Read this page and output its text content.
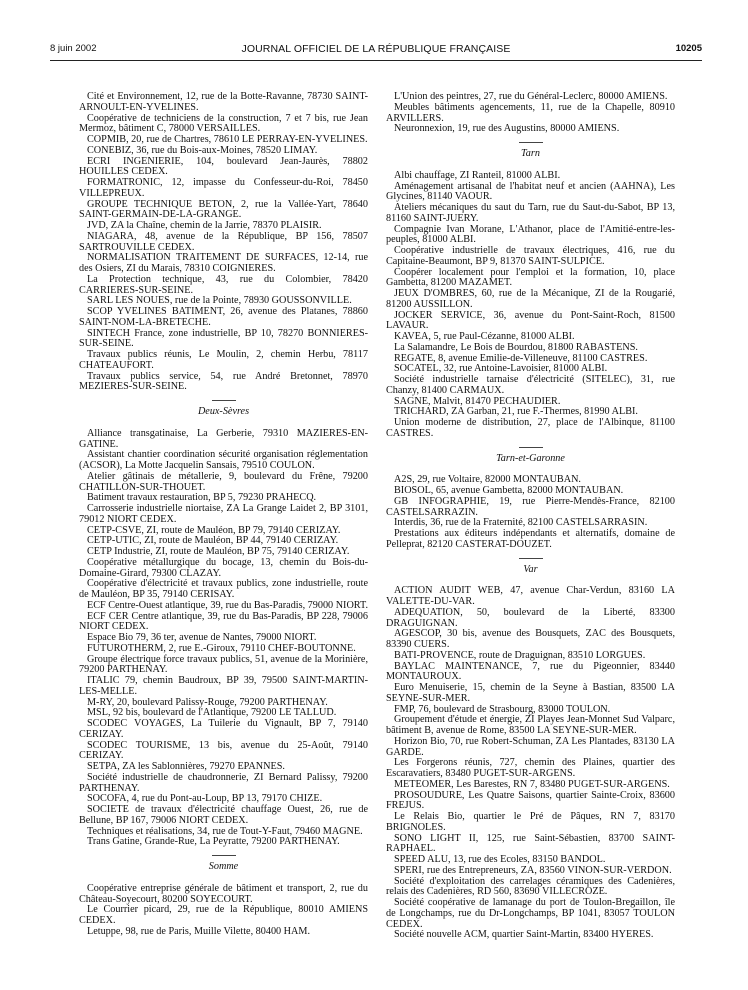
8 juin 2002	JOURNAL OFFICIEL DE LA RÉPUBLIQUE FRANÇAISE	10205

Cité et Environnement, 12, rue de la Botte-Ravanne, 78730 SAINT-ARNOULT-EN-YVELINES.

Coopérative de techniciens de la construction, 7 et 7 bis, rue Jean Mermoz, bâtiment C, 78000 VERSAILLES.

COPMIB, 20, rue de Chartres, 78610 LE PERRAY-EN-YVELINES.

CONEBIZ, 36, rue du Bois-aux-Moines, 78520 LIMAY.

ECRI INGENIERIE, 104, boulevard Jean-Jaurès, 78802 HOUILLES CEDEX.

FORMATRONIC, 12, impasse du Confesseur-du-Roi, 78450 VILLEPREUX.

GROUPE TECHNIQUE BETON, 2, rue la Vallée-Yart, 78640 SAINT-GERMAIN-DE-LA-GRANGE.

JVD, ZA la Chaîne, chemin de la Jarrie, 78370 PLAISIR.

NIAGARA, 48, avenue de la République, BP 156, 78507 SARTROUVILLE CEDEX.

NORMALISATION TRAITEMENT DE SURFACES, 12-14, rue des Osiers, ZI du Marais, 78310 COIGNIERES.

La Protection technique, 43, rue du Colombier, 78420 CARRIERES-SUR-SEINE.

SARL LES NOUES, rue de la Pointe, 78930 GOUSSONVILLE.

SCOP YVELINES BATIMENT, 26, avenue des Platanes, 78860 SAINT-NOM-LA-BRETECHE.

SINTECH France, zone industrielle, BP 10, 78270 BONNIERES-SUR-SEINE.

Travaux publics réunis, Le Moulin, 2, chemin Herbu, 78117 CHATEAUFORT.

Travaux publics service, 54, rue André Bretonnet, 78970 MEZIERES-SUR-SEINE.

Deux-Sèvres

Alliance transgatinaise, La Gerberie, 79310 MAZIERES-EN-GATINE.

Assistant chantier coordination sécurité organisation réglementation (ACSOR), La Motte Jacquelin Sansais, 79510 COULON.

Atelier gâtinais de métallerie, 9, boulevard du Frêne, 79200 CHATILLON-SUR-THOUET.

Batiment travaux restauration, BP 5, 79230 PRAHECQ.

Carrosserie industrielle niortaise, ZA La Grange Laidet 2, BP 3101, 79012 NIORT CEDEX.

CETP-CSVE, ZI, route de Mauléon, BP 79, 79140 CERIZAY.

CETP-UTIC, ZI, route de Mauléon, BP 44, 79140 CERIZAY.

CETP Industrie, ZI, route de Mauléon, BP 75, 79140 CERIZAY.

Coopérative métallurgique du bocage, 13, chemin du Bois-du-Domaine-Girard, 79300 CLAZAY.

Coopérative d'électricité et travaux publics, zone industrielle, route de Mauléon, BP 35, 79140 CERISAY.

ECF Centre-Ouest atlantique, 39, rue du Bas-Paradis, 79000 NIORT.

ECF CER Centre atlantique, 39, rue du Bas-Paradis, BP 228, 79006 NIORT CEDEX.

Espace Bio 79, 36 ter, avenue de Nantes, 79000 NIORT.

FUTUROTHERM, 2, rue E.-Giroux, 79110 CHEF-BOUTONNE.

Groupe électrique force travaux publics, 51, avenue de la Morinière, 79200 PARTHENAY.

ITALIC 79, chemin Baudroux, BP 39, 79500 SAINT-MARTIN-LES-MELLE.

M-RY, 20, boulevard Palissy-Rouge, 79200 PARTHENAY.

MSL, 92 bis, boulevard de l'Atlantique, 79200 LE TALLUD.

SCODEC VOYAGES, La Tuilerie du Vignault, BP 7, 79140 CERIZAY.

SCODEC TOURISME, 13 bis, avenue du 25-Août, 79140 CERIZAY.

SETPA, ZA les Sablonnières, 79270 EPANNES.

Société industrielle de chaudronnerie, ZI Bernard Palissy, 79200 PARTHENAY.

SOCOFA, 4, rue du Pont-au-Loup, BP 13, 79170 CHIZE.

SOCIETE de travaux d'électricité chauffage Ouest, 26, rue de Bellune, BP 167, 79006 NIORT CEDEX.

Techniques et réalisations, 34, rue de Tout-Y-Faut, 79460 MAGNE.

Trans Gatine, Grande-Rue, La Peyratte, 79200 PARTHENAY.

Somme

Coopérative entreprise générale de bâtiment et transport, 2, rue du Château-Soyecourt, 80200 SOYECOURT.

Le Courrier picard, 29, rue de la République, 80010 AMIENS CEDEX.

Letuppe, 98, rue de Paris, Muille Vilette, 80400 HAM.

L'Union des peintres, 27, rue du Général-Leclerc, 80000 AMIENS.

Meubles bâtiments agencements, 11, rue de la Chapelle, 80910 ARVILLERS.

Neuronnexion, 19, rue des Augustins, 80000 AMIENS.

Tarn

Albi chauffage, ZI Ranteil, 81000 ALBI.

Aménagement artisanal de l'habitat neuf et ancien (AAHNA), Les Glycines, 81140 VAOUR.

Ateliers mécaniques du saut du Tarn, rue du Saut-du-Sabot, BP 13, 81160 SAINT-JUERY.

Compagnie Ivan Morane, L'Athanor, place de l'Amitié-entre-les-peuples, 81000 ALBI.

Coopérative industrielle de travaux électriques, 416, rue du Capitaine-Beaumont, BP 9, 81370 SAINT-SULPICE.

Coopérer localement pour l'emploi et la formation, 10, place Gambetta, 81200 MAZAMET.

JEUX D'OMBRES, 60, rue de la Mécanique, ZI de la Rougarié, 81200 AUSSILLON.

JOCKER SERVICE, 36, avenue du Pont-Saint-Roch, 81500 LAVAUR.

KAVEA, 5, rue Paul-Cézanne, 81000 ALBI.

La Salamandre, Le Bois de Bourdou, 81800 RABASTENS.

REGATE, 8, avenue Emilie-de-Villeneuve, 81100 CASTRES.

SOCATEL, 32, rue Antoine-Lavoisier, 81000 ALBI.

Société industrielle tarnaise d'électricité (SITELEC), 31, rue Chanzy, 81400 CARMAUX.

SAGNE, Malvit, 81470 PECHAUDIER.

TRICHARD, ZA Garban, 21, rue F.-Thermes, 81990 ALBI.

Union moderne de distribution, 27, place de l'Albinque, 81100 CASTRES.

Tarn-et-Garonne

A2S, 29, rue Voltaire, 82000 MONTAUBAN.

BIOSOL, 65, avenue Gambetta, 82000 MONTAUBAN.

GB INFOGRAPHIE, 19, rue Pierre-Mendès-France, 82100 CASTELSARRAZIN.

Interdis, 36, rue de la Fraternité, 82100 CASTELSARRASIN.

Prestations aux éditeurs indépendants et alternatifs, domaine de Pelleprat, 82120 CASTERAT-DOUZET.

Var

ACTION AUDIT WEB, 47, avenue Char-Verdun, 83160 LA VALETTE-DU-VAR.

ADEQUATION, 50, boulevard de la Liberté, 83300 DRAGUIGNAN.

AGESCOP, 30 bis, avenue des Bousquets, ZAC des Bousquets, 83390 CUERS.

BATI-PROVENCE, route de Draguignan, 83510 LORGUES.

BAYLAC MAINTENANCE, 7, rue du Pigeonnier, 83440 MONTAUROUX.

Euro Menuiserie, 15, chemin de la Seyne à Bastian, 83500 LA SEYNE-SUR-MER.

FMP, 76, boulevard de Strasbourg, 83000 TOULON.

Groupement d'étude et énergie, ZI Playes Jean-Monnet Sud Valparc, bâtiment B, avenue de Rome, 83500 LA SEYNE-SUR-MER.

Horizon Bio, 70, rue Robert-Schuman, ZA Les Plantades, 83130 LA GARDE.

Les Forgerons réunis, 727, chemin des Plaines, quartier des Escaravatiers, 83480 PUGET-SUR-ARGENS.

METEOMER, Les Barestes, RN 7, 83480 PUGET-SUR-ARGENS.

PROSOUDURE, Les Quatre Saisons, quartier Sainte-Croix, 83600 FREJUS.

Le Relais Bio, quartier le Pré de Pâques, RN 7, 83170 BRIGNOLES.

SONO LIGHT II, 125, rue Saint-Sébastien, 83700 SAINT-RAPHAEL.

SPEED ALU, 13, rue des Ecoles, 83150 BANDOL.

SPERI, rue des Entrepreneurs, ZA, 83560 VINON-SUR-VERDON.

Société d'exploitation des carrelages céramiques des Cadenières, relais des Cadenières, RD 560, 83690 VILLECROZE.

Société coopérative de lamanage du port de Toulon-Bregaillon, île de Longchamps, rue du Dr-Longchamps, BP 1041, 83057 TOULON CEDEX.

Société nouvelle ACM, quartier Saint-Martin, 83400 HYERES.
